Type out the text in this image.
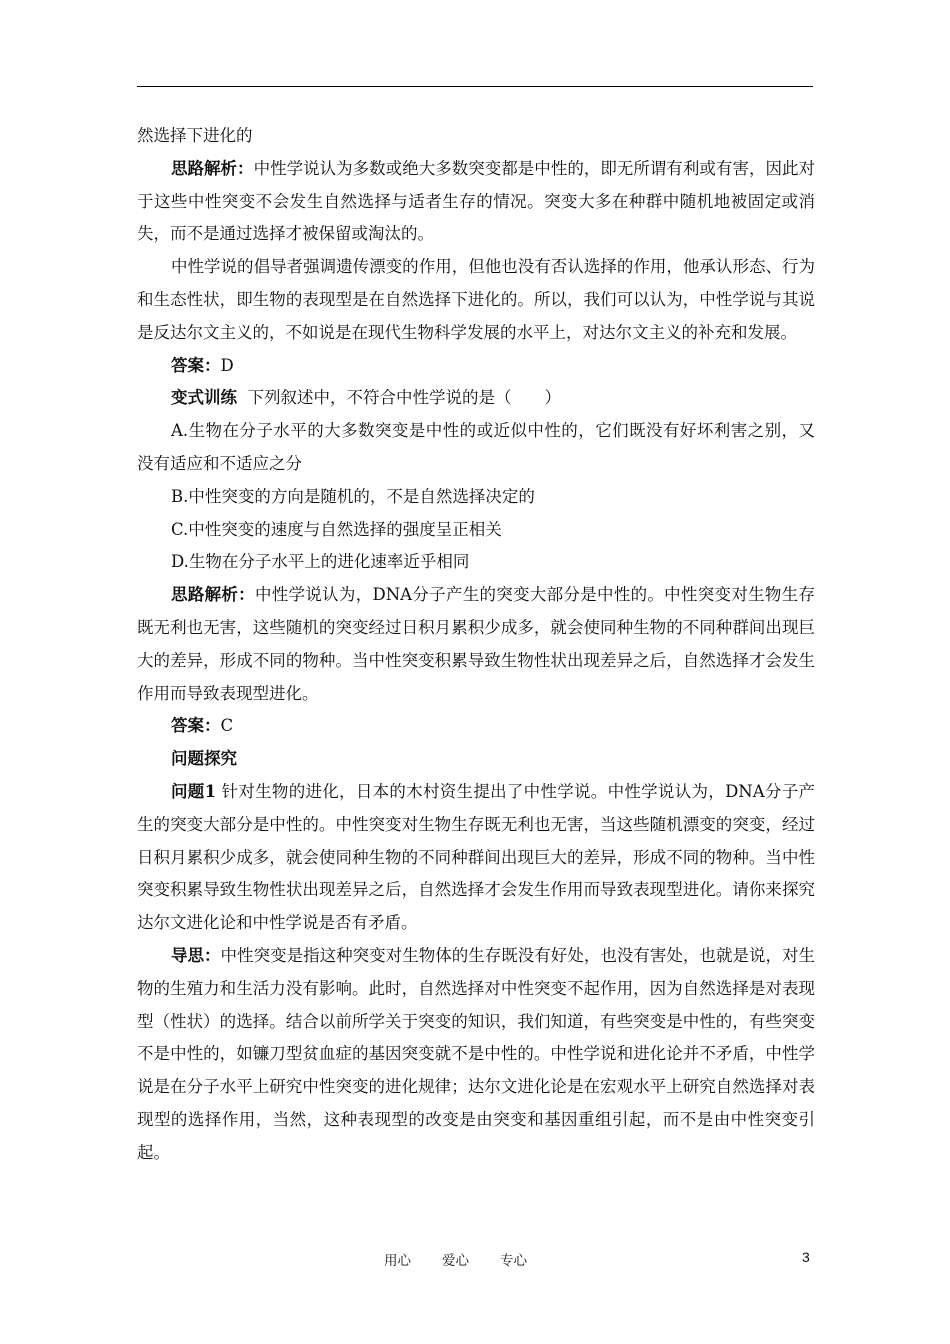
然选择下进化的

思路解析：中性学说认为多数或绝大多数突变都是中性的，即无所谓有利或有害，因此对于这些中性突变不会发生自然选择与适者生存的情况。突变大多在种群中随机地被固定或消失，而不是通过选择才被保留或淘汰的。

中性学说的倡导者强调遗传漂变的作用，但他也没有否认选择的作用，他承认形态、行为和生态性状，即生物的表现型是在自然选择下进化的。所以，我们可以认为，中性学说与其说是反达尔文主义的，不如说是在现代生物科学发展的水平上，对达尔文主义的补充和发展。

答案：D

变式训练  下列叙述中，不符合中性学说的是（　　）

A.生物在分子水平的大多数突变是中性的或近似中性的，它们既没有好坏利害之别，又没有适应和不适应之分

B.中性突变的方向是随机的，不是自然选择决定的

C.中性突变的速度与自然选择的强度呈正相关

D.生物在分子水平上的进化速率近乎相同

思路解析：中性学说认为，DNA分子产生的突变大部分是中性的。中性突变对生物生存既无利也无害，这些随机的突变经过日积月累积少成多，就会使同种生物的不同种群间出现巨大的差异，形成不同的物种。当中性突变积累导致生物性状出现差异之后，自然选择才会发生作用而导致表现型进化。

答案：C

问题探究

问题1 针对生物的进化，日本的木村资生提出了中性学说。中性学说认为，DNA分子产生的突变大部分是中性的。中性突变对生物生存既无利也无害，当这些随机漂变的突变，经过日积月累积少成多，就会使同种生物的不同种群间出现巨大的差异，形成不同的物种。当中性突变积累导致生物性状出现差异之后，自然选择才会发生作用而导致表现型进化。请你来探究达尔文进化论和中性学说是否有矛盾。

导思：中性突变是指这种突变对生物体的生存既没有好处，也没有害处，也就是说，对生物的生殖力和生活力没有影响。此时，自然选择对中性突变不起作用，因为自然选择是对表现型（性状）的选择。结合以前所学关于突变的知识，我们知道，有些突变是中性的，有些突变不是中性的，如镰刀型贫血症的基因突变就不是中性的。中性学说和进化论并不矛盾，中性学说是在分子水平上研究中性突变的进化规律；达尔文进化论是在宏观水平上研究自然选择对表现型的选择作用，当然，这种表现型的改变是由突变和基因重组引起，而不是由中性突变引起。

用心 爱心 专心	3
